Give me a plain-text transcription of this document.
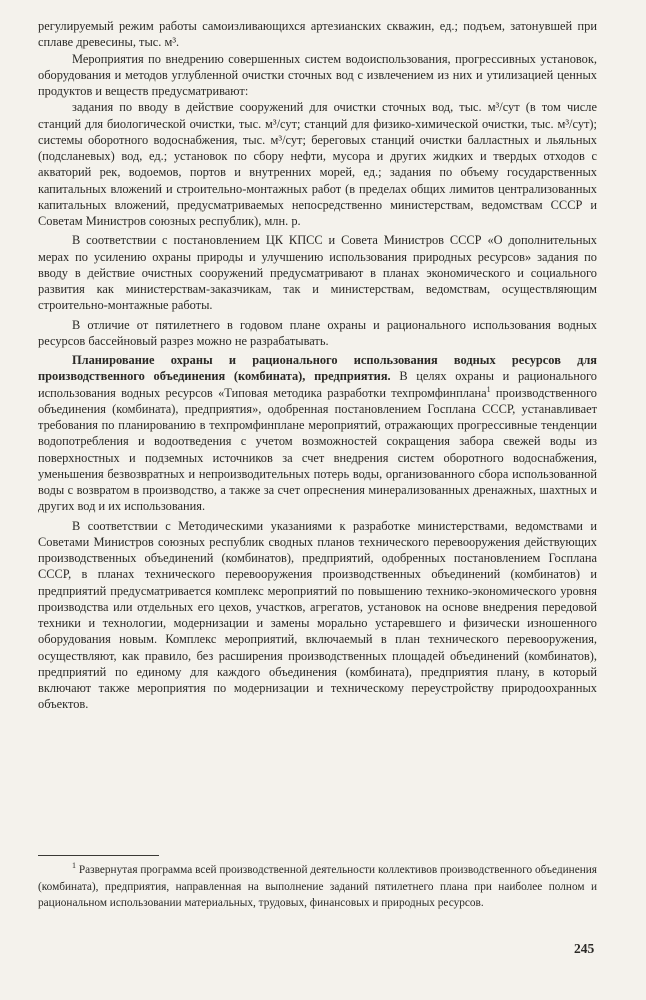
регулируемый режим работы самоизливающихся артезианских скважин, ед.; подъем, затонувшей при сплаве древесины, тыс. м³.

Мероприятия по внедрению совершенных систем водоиспользования, прогрессивных установок, оборудования и методов углубленной очистки сточных вод с извлечением из них и утилизацией ценных продуктов и веществ предусматривают:

задания по вводу в действие сооружений для очистки сточных вод, тыс. м³/сут (в том числе станций для биологической очистки, тыс. м³/сут; станций для физико-химической очистки, тыс. м³/сут); системы оборотного водоснабжения, тыс. м³/сут; береговых станций очистки балластных и льяльных (подсланевых) вод, ед.; установок по сбору нефти, мусора и других жидких и твердых отходов с акваторий рек, водоемов, портов и внутренних морей, ед.; задания по объему государственных капитальных вложений и строительно-монтажных работ (в пределах общих лимитов централизованных капитальных вложений, предусматриваемых непосредственно министерствам, ведомствам СССР и Советам Министров союзных республик), млн. р.

В соответствии с постановлением ЦК КПСС и Совета Министров СССР «О дополнительных мерах по усилению охраны природы и улучшению использования природных ресурсов» задания по вводу в действие очистных сооружений предусматривают в планах экономического и социального развития как министерствам-заказчикам, так и министерствам, ведомствам, осуществляющим строительно-монтажные работы.

В отличие от пятилетнего в годовом плане охраны и рационального использования водных ресурсов бассейновый разрез можно не разрабатывать.

Планирование охраны и рационального использования водных ресурсов для производственного объединения (комбината), предприятия. В целях охраны и рационального использования водных ресурсов «Типовая методика разработки техпромфинплана$^1$ производственного объединения (комбината), предприятия», одобренная постановлением Госплана СССР, устанавливает требования по планированию в техпромфинплане мероприятий, отражающих прогрессивные тенденции водопотребления и водоотведения с учетом возможностей сокращения забора свежей воды из поверхностных и подземных источников за счет внедрения систем оборотного водоснабжения, уменьшения безвозвратных и непроизводительных потерь воды, организованного сбора использованной воды с возвратом в производство, а также за счет опреснения минерализованных дренажных, шахтных и других вод и их использования.

В соответствии с Методическими указаниями к разработке министерствами, ведомствами и Советами Министров союзных республик сводных планов технического перевооружения действующих производственных объединений (комбинатов), предприятий, одобренных постановлением Госплана СССР, в планах технического перевооружения производственных объединений (комбинатов) и предприятий предусматривается комплекс мероприятий по повышению технико-экономического уровня производства или отдельных его цехов, участков, агрегатов, установок на основе внедрения передовой техники и технологии, модернизации и замены морально устаревшего и физически изношенного оборудования новым. Комплекс мероприятий, включаемый в план технического перевооружения, осуществляют, как правило, без расширения производственных площадей объединений (комбинатов), предприятий по единому для каждого объединения (комбината), предприятия плану, в который включают также мероприятия по модернизации и техническому переустройству природоохранных объектов.

$^1$ Развернутая программа всей производственной деятельности коллективов производственного объединения (комбината), предприятия, направленная на выполнение заданий пятилетнего плана при наиболее полном и рациональном использовании материальных, трудовых, финансовых и природных ресурсов.

245
